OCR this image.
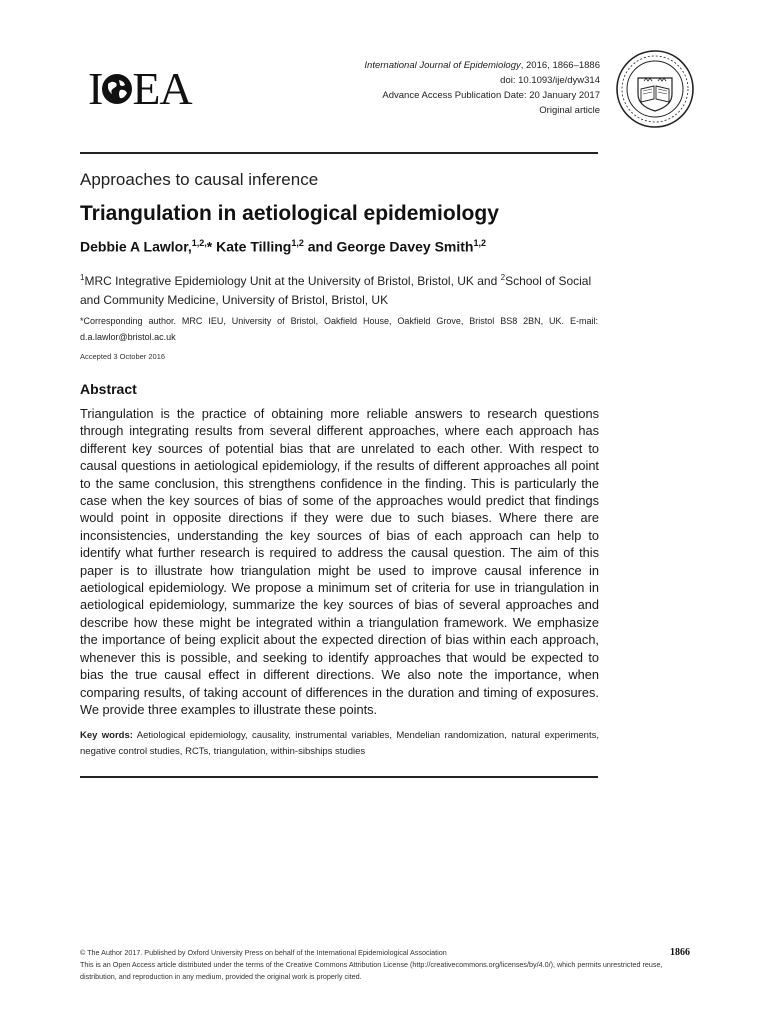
I EA	International Journal of Epidemiology, 2016, 1866–1886
doi: 10.1093/ije/dyw314
Advance Access Publication Date: 20 January 2017
Original article
Approaches to causal inference
Triangulation in aetiological epidemiology
Debbie A Lawlor,$^{1,2,}$* Kate Tilling$^{1,2}$ and George Davey Smith$^{1,2}$
$^1$MRC Integrative Epidemiology Unit at the University of Bristol, Bristol, UK and $^2$School of Social and Community Medicine, University of Bristol, Bristol, UK
*Corresponding author. MRC IEU, University of Bristol, Oakfield House, Oakfield Grove, Bristol BS8 2BN, UK. E-mail: d.a.lawlor@bristol.ac.uk
Accepted 3 October 2016
Abstract
Triangulation is the practice of obtaining more reliable answers to research questions through integrating results from several different approaches, where each approach has different key sources of potential bias that are unrelated to each other. With respect to causal questions in aetiological epidemiology, if the results of different approaches all point to the same conclusion, this strengthens confidence in the finding. This is particularly the case when the key sources of bias of some of the approaches would predict that findings would point in opposite directions if they were due to such biases. Where there are inconsistencies, understanding the key sources of bias of each approach can help to identify what further research is required to address the causal question. The aim of this paper is to illustrate how triangulation might be used to improve causal inference in aetiological epidemiology. We propose a minimum set of criteria for use in triangulation in aetiological epidemiology, summarize the key sources of bias of several approaches and describe how these might be integrated within a triangulation framework. We emphasize the importance of being explicit about the expected direction of bias within each approach, whenever this is possible, and seeking to identify approaches that would be expected to bias the true causal effect in different directions. We also note the importance, when comparing results, of taking account of differences in the duration and timing of exposures. We provide three examples to illustrate these points.
Key words: Aetiological epidemiology, causality, instrumental variables, Mendelian randomization, natural experiments, negative control studies, RCTs, triangulation, within-sibships studies
© The Author 2017. Published by Oxford University Press on behalf of the International Epidemiological Association	1866
This is an Open Access article distributed under the terms of the Creative Commons Attribution License (http://creativecommons.org/licenses/by/4.0/), which permits unrestricted reuse, distribution, and reproduction in any medium, provided the original work is properly cited.
